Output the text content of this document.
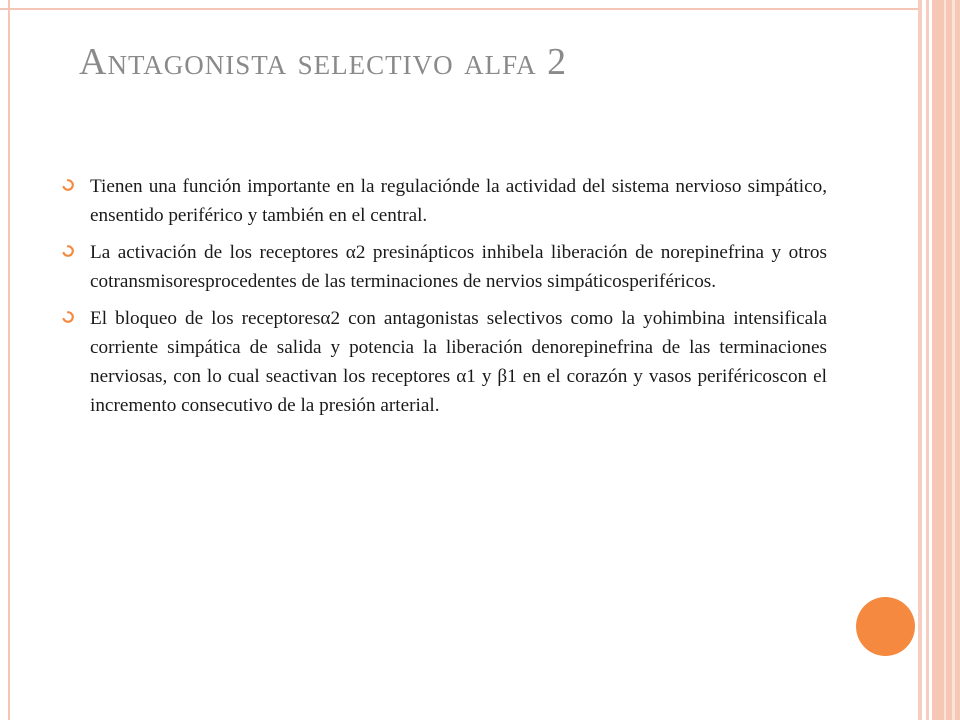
Antagonista selectivo alfa 2
Tienen una función importante en la regulaciónde la actividad del sistema nervioso simpático, ensentido periférico y también en el central.
La activación de los receptores α2 presinápticos inhibela liberación de norepinefrina y otros cotransmisoresprocedentes de las terminaciones de nervios simpáticosperiféricos.
El bloqueo de los receptoresα2 con antagonistas selectivos como la yohimbina intensificala corriente simpática de salida y potencia la liberación denorepinefrina de las terminaciones nerviosas, con lo cual seactivan los receptores α1 y β1 en el corazón y vasos periféricoscon el incremento consecutivo de la presión arterial.
